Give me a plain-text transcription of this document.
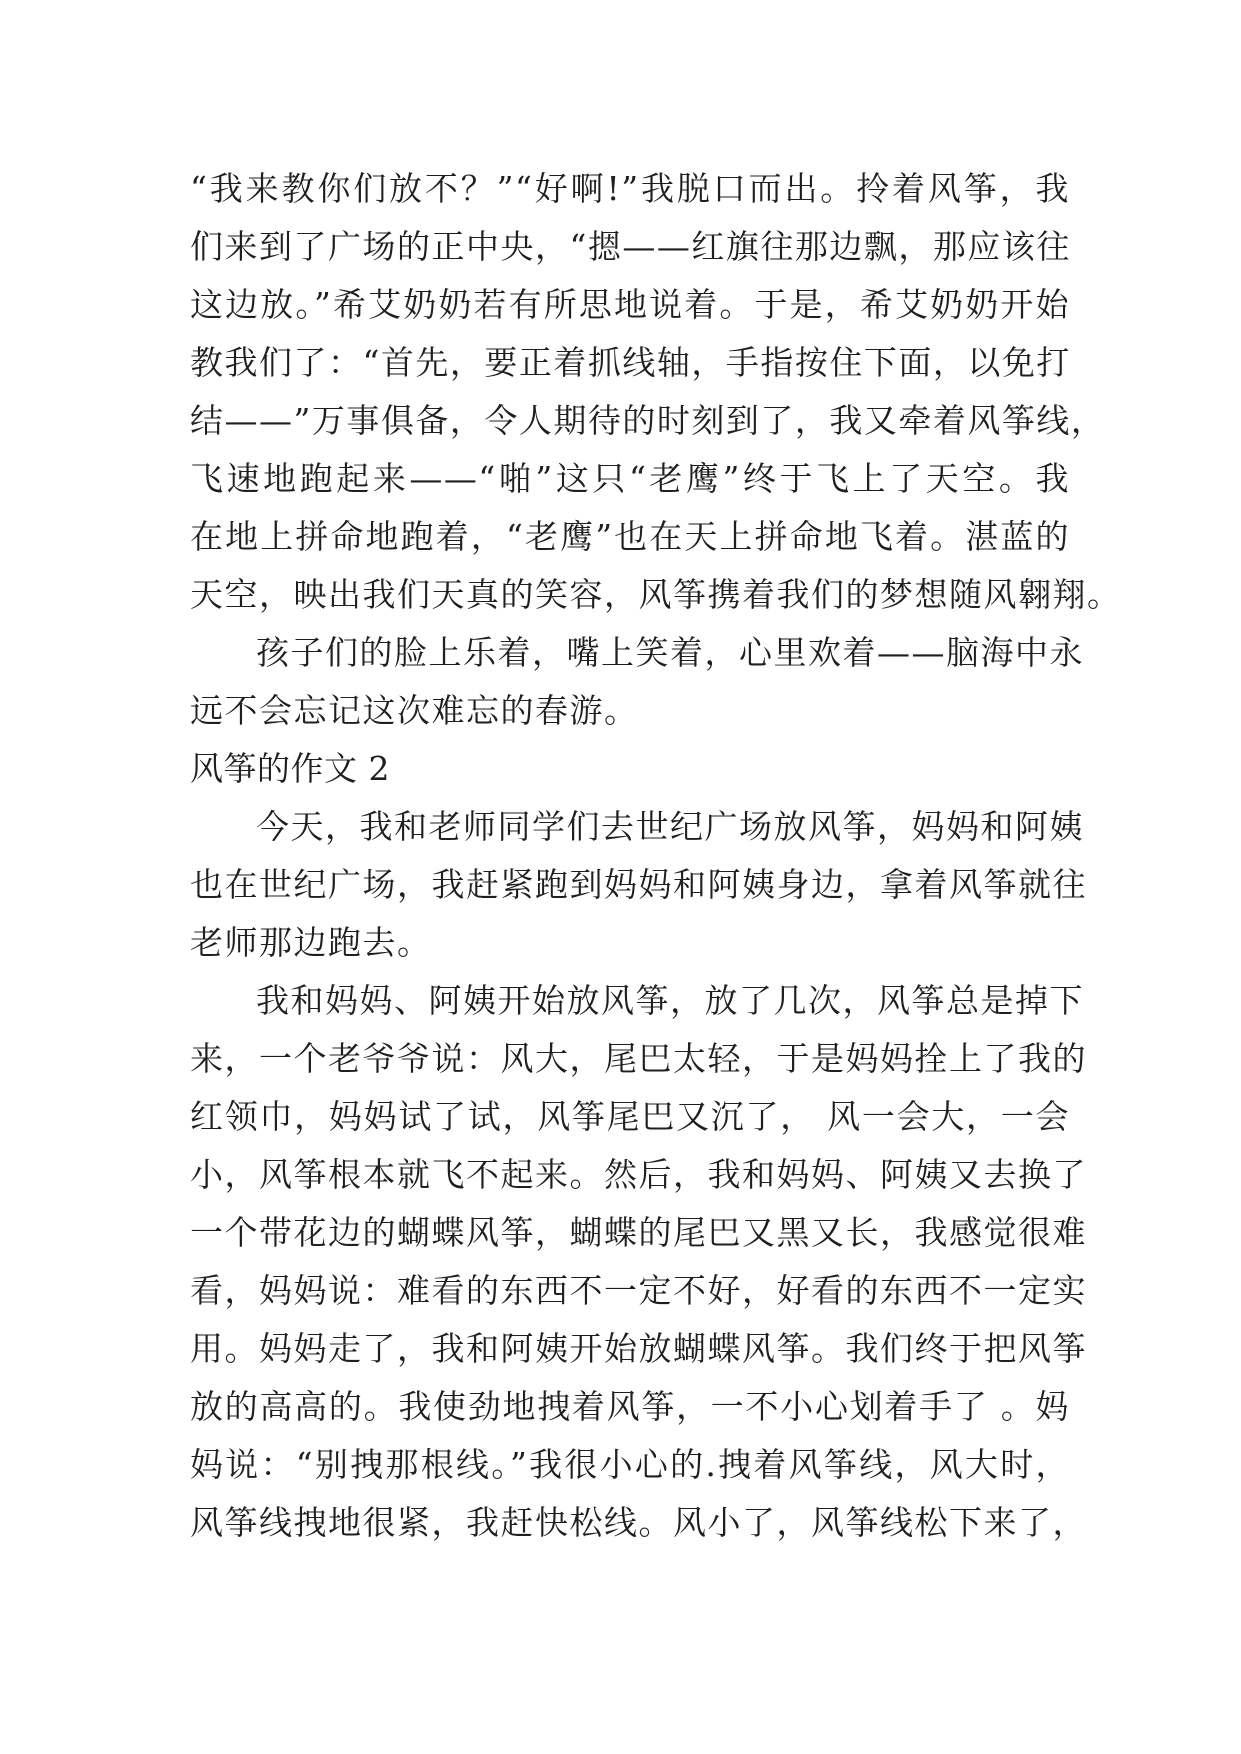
“我来教你们放不？”“好啊!”我脱口而出。拎着风筝，我
们来到了广场的正中央，“摁——红旗往那边飘，那应该往
这边放。”希艾奶奶若有所思地说着。于是，希艾奶奶开始
教我们了：“首先，要正着抓线轴，手指按住下面，以免打
结——”万事俱备，令人期待的时刻到了，我又牵着风筝线，
飞速地跑起来——“啪”这只“老鹰”终于飞上了天空。我
在地上拼命地跑着，“老鹰”也在天上拼命地飞着。湛蓝的
天空，映出我们天真的笑容，风筝携着我们的梦想随风翱翔。
孩子们的脸上乐着，嘴上笑着，心里欢着——脑海中永
远不会忘记这次难忘的春游。
风筝的作文 2
今天，我和老师同学们去世纪广场放风筝，妈妈和阿姨
也在世纪广场，我赶紧跑到妈妈和阿姨身边，拿着风筝就往
老师那边跑去。
我和妈妈、阿姨开始放风筝，放了几次，风筝总是掉下
来，一个老爷爷说：风大，尾巴太轻，于是妈妈拴上了我的
红领巾，妈妈试了试，风筝尾巴又沉了， 风一会大，一会
小，风筝根本就飞不起来。然后，我和妈妈、阿姨又去换了
一个带花边的蝴蝶风筝，蝴蝶的尾巴又黑又长，我感觉很难
看，妈妈说：难看的东西不一定不好，好看的东西不一定实
用。妈妈走了，我和阿姨开始放蝴蝶风筝。我们终于把风筝
放的高高的。我使劲地拽着风筝，一不小心划着手了 。妈
妈说：“别拽那根线。”我很小心的.拽着风筝线，风大时，
风筝线拽地很紧，我赶快松线。风小了，风筝线松下来了，
